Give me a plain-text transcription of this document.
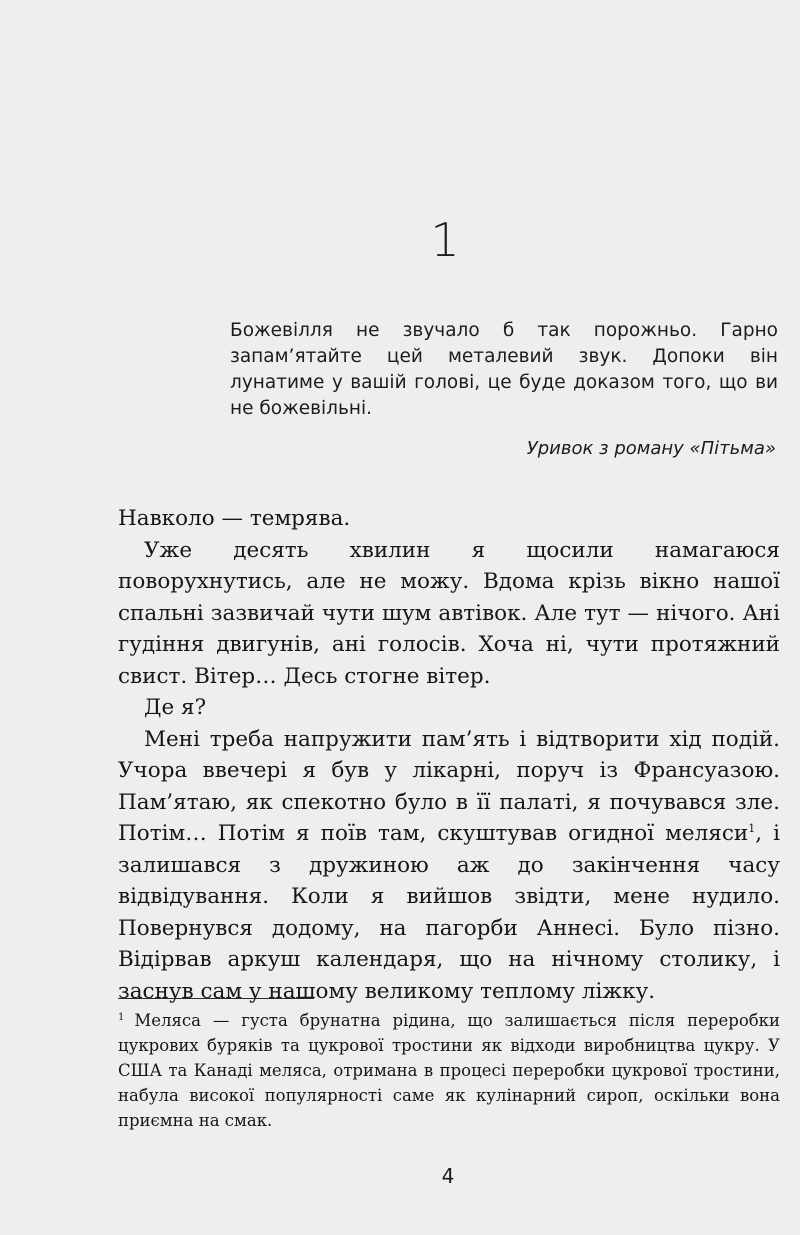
1

Божевілля не звучало б так порожньо. Гарно запам’ятайте цей металевий звук. Допоки він лунатиме у вашій голові, це буде доказом того, що ви не божевільні.

Уривок з роману «Пітьма»

Навколо — темрява.

Уже десять хвилин я щосили намагаюся поворухнутись, але не можу. Вдома крізь вікно нашої спальні зазвичай чути шум автівок. Але тут — нічого. Ані гудіння двигунів, ані голосів. Хоча ні, чути протяжний свист. Вітер… Десь стогне вітер.

Де я?

Мені треба напружити пам’ять і відтворити хід подій. Учора ввечері я був у лікарні, поруч із Франсуазою. Пам’ятаю, як спекотно було в її палаті, я почувався зле. Потім… Потім я поїв там, скуштував огидної меляси$^1$, і залишався з дружиною аж до закінчення часу відвідування. Коли я вийшов звідти, мене нудило. Повернувся додому, на пагорби Аннесі. Було пізно. Відірвав аркуш календаря, що на нічному столику, і заснув сам у нашому великому теплому ліжку.

$^1$ Меляса — густа брунатна рідина, що залишається після переробки цукрових буряків та цукрової тростини як відходи виробництва цукру. У США та Канаді меляса, отримана в процесі переробки цукрової тростини, набула високої популярності саме як кулінарний сироп, оскільки вона приємна на смак.

4
